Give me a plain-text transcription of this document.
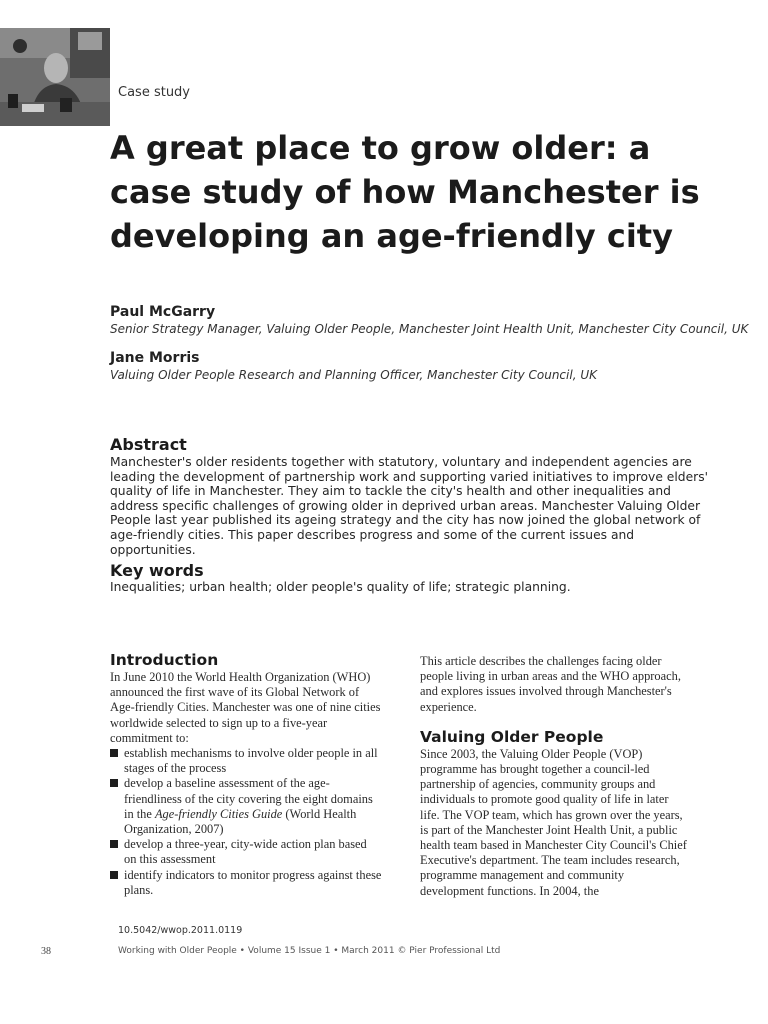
Case study
A great place to grow older: a case study of how Manchester is developing an age-friendly city
Paul McGarry
Senior Strategy Manager, Valuing Older People, Manchester Joint Health Unit, Manchester City Council, UK
Jane Morris
Valuing Older People Research and Planning Officer, Manchester City Council, UK
Abstract

Manchester's older residents together with statutory, voluntary and independent agencies are leading the development of partnership work and supporting varied initiatives to improve elders' quality of life in Manchester. They aim to tackle the city's health and other inequalities and address specific challenges of growing older in deprived urban areas. Manchester Valuing Older People last year published its ageing strategy and the city has now joined the global network of age-friendly cities. This paper describes progress and some of the current issues and opportunities.

Key words

Inequalities; urban health; older people's quality of life; strategic planning.

Introduction

In June 2010 the World Health Organization (WHO) announced the first wave of its Global Network of Age-friendly Cities. Manchester was one of nine cities worldwide selected to sign up to a five-year commitment to:

establish mechanisms to involve older people in all stages of the process
develop a baseline assessment of the age-friendliness of the city covering the eight domains in the Age-friendly Cities Guide (World Health Organization, 2007)
develop a three-year, city-wide action plan based on this assessment
identify indicators to monitor progress against these plans.

This article describes the challenges facing older people living in urban areas and the WHO approach, and explores issues involved through Manchester's experience.

Valuing Older People

Since 2003, the Valuing Older People (VOP) programme has brought together a council-led partnership of agencies, community groups and individuals to promote good quality of life in later life. The VOP team, which has grown over the years, is part of the Manchester Joint Health Unit, a public health team based in Manchester City Council's Chief Executive's department. The team includes research, programme management and community development functions. In 2004, the

10.5042/wwop.2011.0119
38	Working with Older People • Volume 15 Issue 1 • March 2011 © Pier Professional Ltd
